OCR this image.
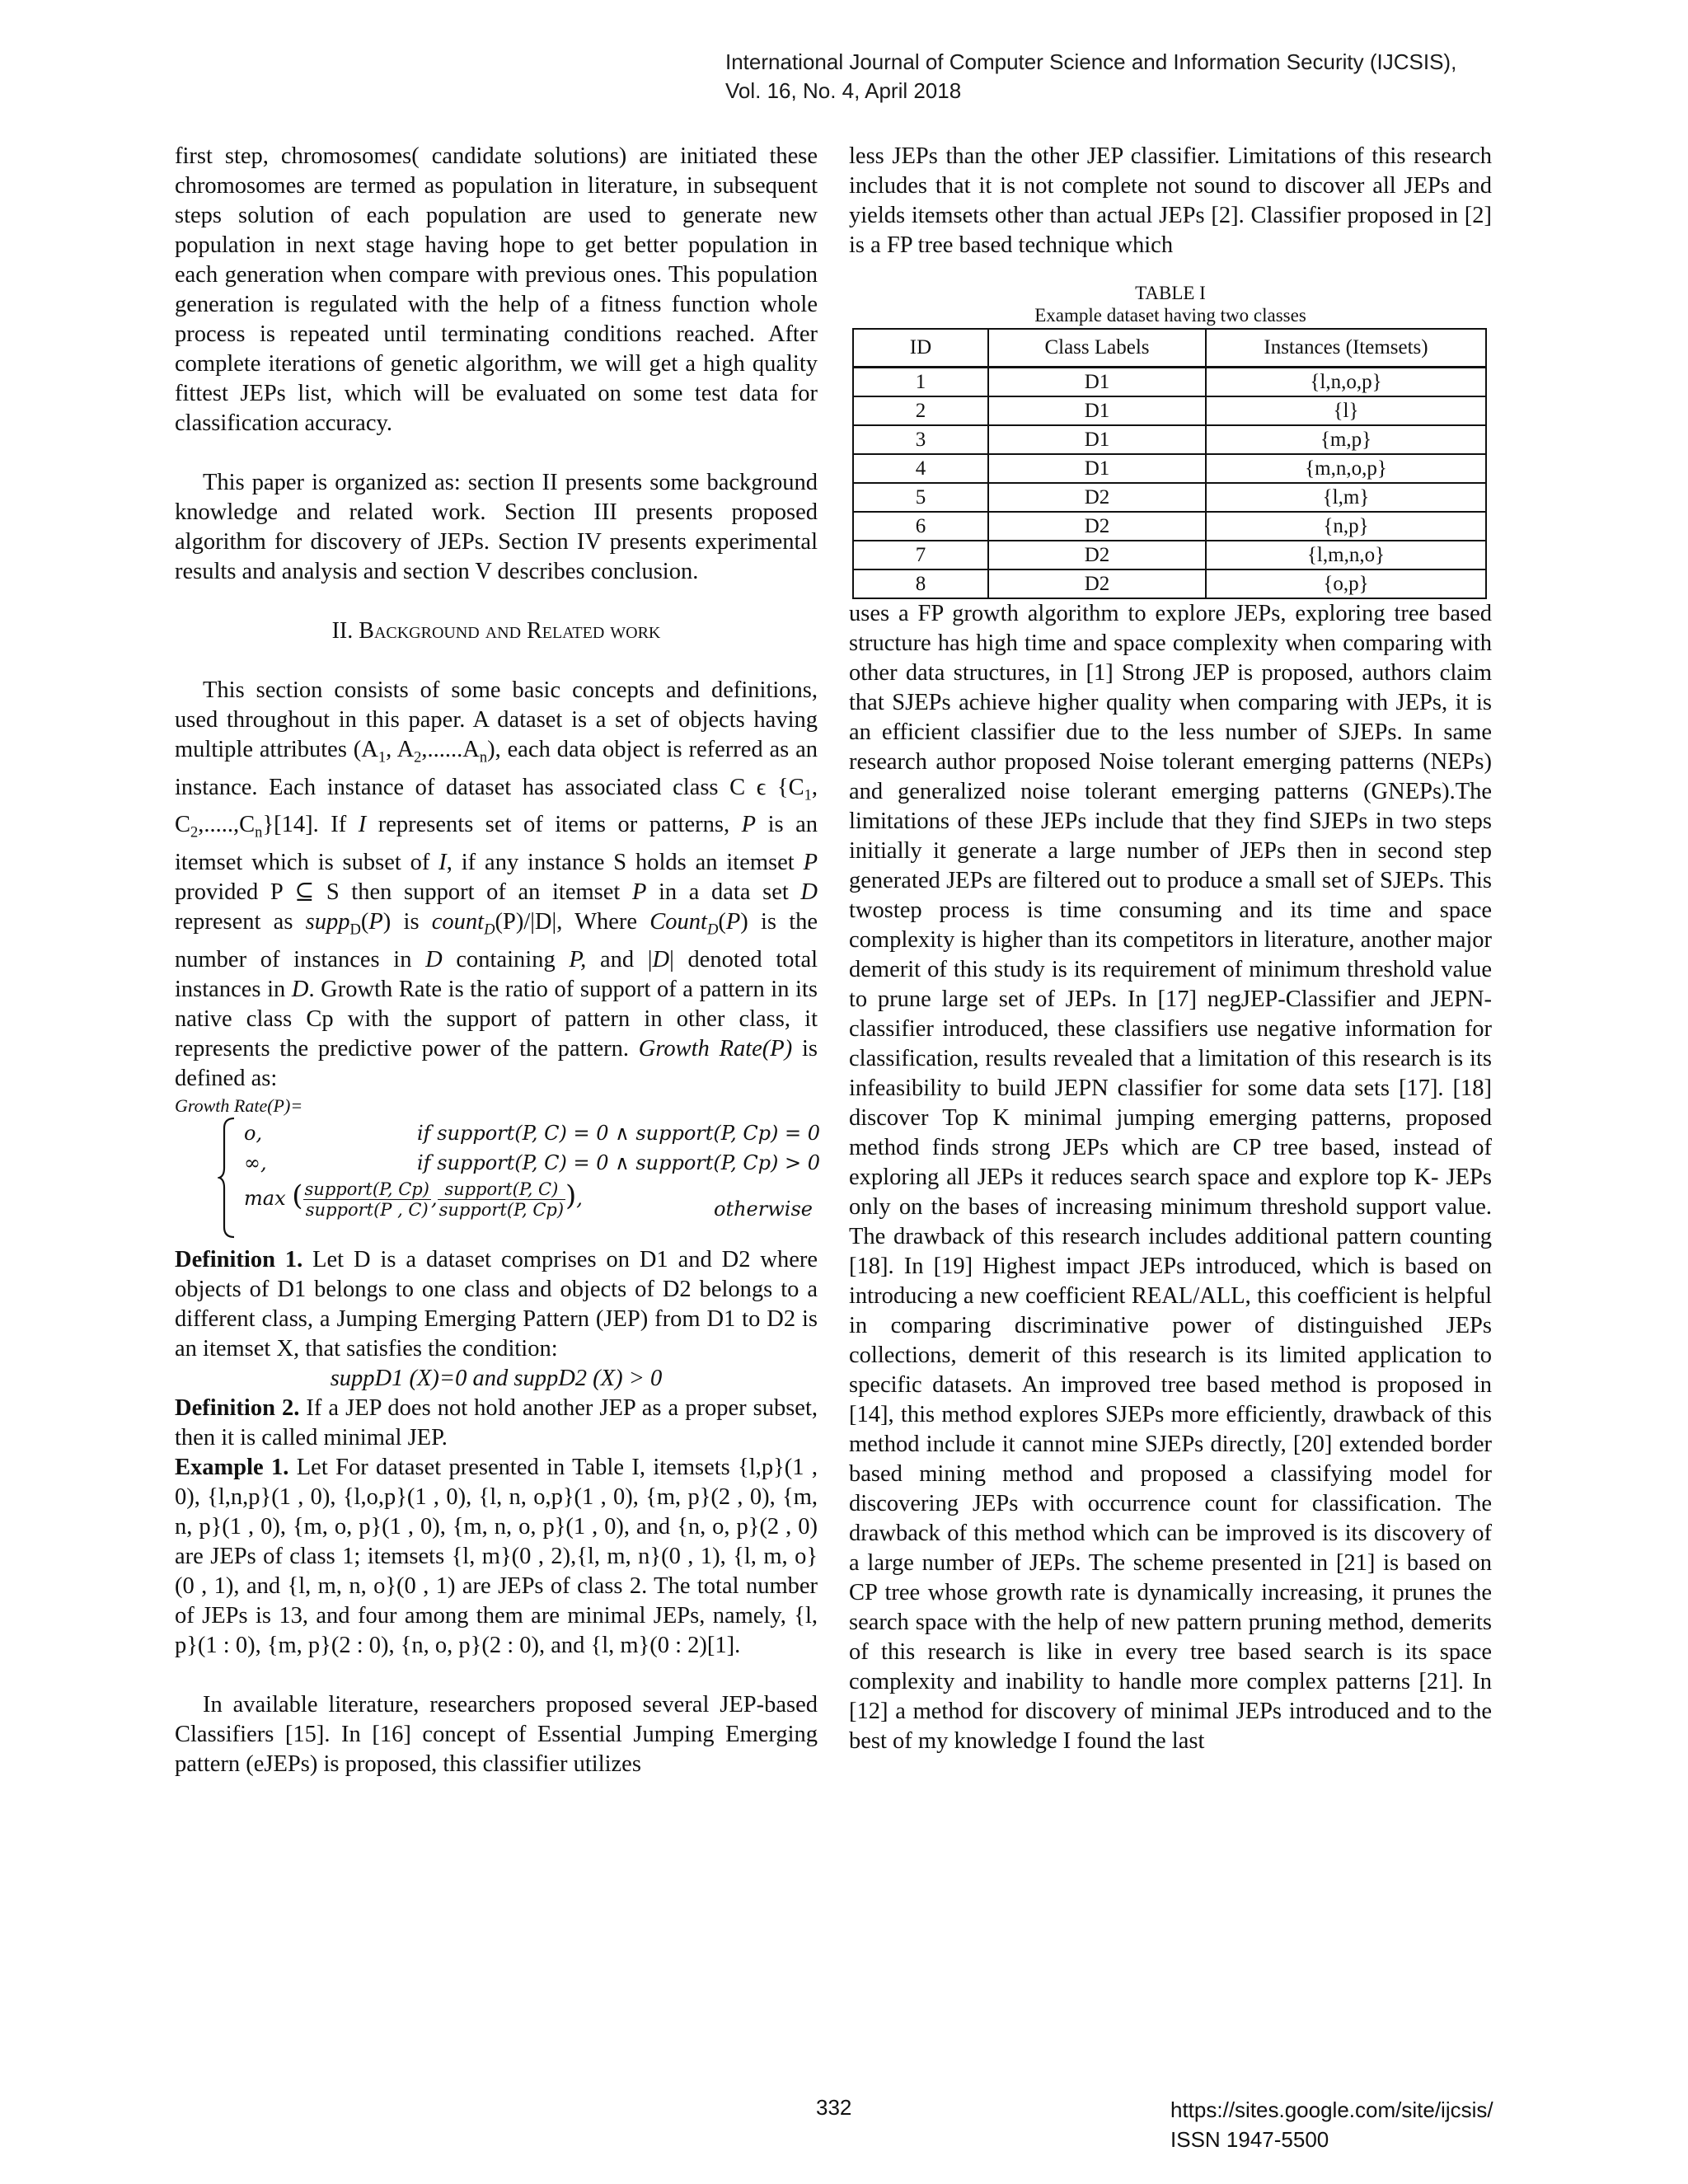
International Journal of Computer Science and Information Security (IJCSIS),
Vol. 16, No. 4, April 2018

first step, chromosomes( candidate solutions) are initiated these chromosomes are termed as population in literature, in subsequent steps solution of each population are used to generate new population in next stage having hope to get better population in each generation when compare with previous ones. This population generation is regulated with the help of a fitness function whole process is repeated until terminating conditions reached. After complete iterations of genetic algorithm, we will get a high quality fittest JEPs list, which will be evaluated on some test data for classification accuracy.

This paper is organized as: section II presents some background knowledge and related work. Section III presents proposed algorithm for discovery of JEPs. Section IV presents experimental results and analysis and section V describes conclusion.

II. Background and Related work

This section consists of some basic concepts and definitions, used throughout in this paper. A dataset is a set of objects having multiple attributes ($A_1$, $A_2,......A_n$), each data object is referred as an instance. Each instance of dataset has associated class C ϵ {$C_1$, $C_2,.....,C_n\}[14]$. If I represents set of items or patterns, P is an itemset which is subset of I, if any instance S holds an itemset P provided P ⊆ S then support of an itemset P in a data set D represent as supp$_D$(P) is count$_D$(P)/|D|, Where Count$_D$(P) is the number of instances in D containing P, and |D| denoted total instances in D. Growth Rate is the ratio of support of a pattern in its native class Cp with the support of pattern in other class, it represents the predictive power of the pattern. Growth Rate(P) is defined as:

Growth Rate(P)=
o,	if support(P, C) = 0 ∧ support(P, Cp) = 0
∞,	if support(P, C) = 0 ∧ support(P, Cp) > 0
max ( $\frac{\text{support(P, Cp)}}{\text{support(P , C)}}$ , $\frac{\text{support(P, C)}}{\text{support(P, Cp)}}$ ),	otherwise

Definition 1. Let D is a dataset comprises on D1 and D2 where objects of D1 belongs to one class and objects of D2 belongs to a different class, a Jumping Emerging Pattern (JEP) from D1 to D2 is an itemset X, that satisfies the condition:

suppD1 (X)=0 and suppD2 (X) > 0

Definition 2. If a JEP does not hold another JEP as a proper subset, then it is called minimal JEP.

Example 1. Let For dataset presented in Table I, itemsets {l,p}(1 , 0), {l,n,p}(1 , 0), {l,o,p}(1 , 0), {l, n, o,p}(1 , 0), {m, p}(2 , 0), {m, n, p}(1 , 0), {m, o, p}(1 , 0), {m, n, o, p}(1 , 0), and {n, o, p}(2 , 0) are JEPs of class 1; itemsets {l, m}(0 , 2),{l, m, n}(0 , 1), {l, m, o}(0 , 1), and {l, m, n, o}(0 , 1) are JEPs of class 2. The total number of JEPs is 13, and four among them are minimal JEPs, namely, {l, p}(1 : 0), {m, p}(2 : 0), {n, o, p}(2 : 0), and {l, m}(0 : 2)[1].

In available literature, researchers proposed several JEP-based Classifiers [15]. In [16] concept of Essential Jumping Emerging pattern (eJEPs) is proposed, this classifier utilizes

less JEPs than the other JEP classifier. Limitations of this research includes that it is not complete not sound to discover all JEPs and yields itemsets other than actual JEPs [2]. Classifier proposed in [2] is a FP tree based technique which

TABLE I
Example dataset having two classes
ID	Class Labels	Instances (Itemsets)
1	D1	{l,n,o,p}
2	D1	{l}
3	D1	{m,p}
4	D1	{m,n,o,p}
5	D2	{l,m}
6	D2	{n,p}
7	D2	{l,m,n,o}
8	D2	{o,p}

uses a FP growth algorithm to explore JEPs, exploring tree based structure has high time and space complexity when comparing with other data structures, in [1] Strong JEP is proposed, authors claim that SJEPs achieve higher quality when comparing with JEPs, it is an efficient classifier due to the less number of SJEPs. In same research author proposed Noise tolerant emerging patterns (NEPs) and generalized noise tolerant emerging patterns (GNEPs).The limitations of these JEPs include that they find SJEPs in two steps initially it generate a large number of JEPs then in second step generated JEPs are filtered out to produce a small set of SJEPs. This twostep process is time consuming and its time and space complexity is higher than its competitors in literature, another major demerit of this study is its requirement of minimum threshold value to prune large set of JEPs. In [17] negJEP-Classifier and JEPN-classifier introduced, these classifiers use negative information for classification, results revealed that a limitation of this research is its infeasibility to build JEPN classifier for some data sets [17]. [18] discover Top K minimal jumping emerging patterns, proposed method finds strong JEPs which are CP tree based, instead of exploring all JEPs it reduces search space and explore top K- JEPs only on the bases of increasing minimum threshold support value. The drawback of this research includes additional pattern counting [18]. In [19] Highest impact JEPs introduced, which is based on introducing a new coefficient REAL/ALL, this coefficient is helpful in comparing discriminative power of distinguished JEPs collections, demerit of this research is its limited application to specific datasets. An improved tree based method is proposed in [14], this method explores SJEPs more efficiently, drawback of this method include it cannot mine SJEPs directly, [20] extended border based mining method and proposed a classifying model for discovering JEPs with occurrence count for classification. The drawback of this method which can be improved is its discovery of a large number of JEPs. The scheme presented in [21] is based on CP tree whose growth rate is dynamically increasing, it prunes the search space with the help of new pattern pruning method, demerits of this research is like in every tree based search is its space complexity and inability to handle more complex patterns [21]. In [12] a method for discovery of minimal JEPs introduced and to the best of my knowledge I found the last

332	https://sites.google.com/site/ijcsis/
ISSN 1947-5500
